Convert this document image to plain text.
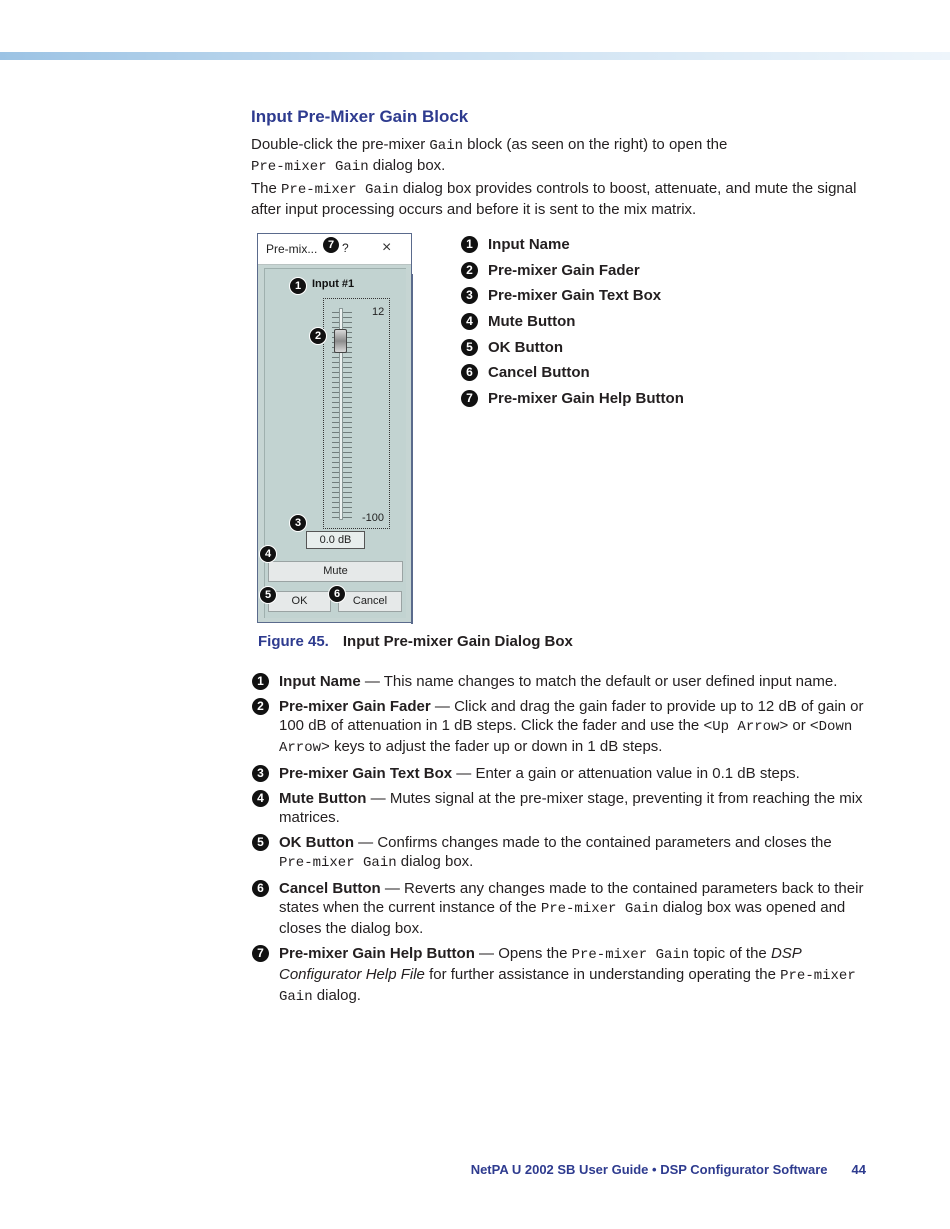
Input Pre-Mixer Gain Block

Double-click the pre-mixer Gain block (as seen on the right) to open the
Pre-mixer Gain dialog box.

The Pre-mixer Gain dialog box provides controls to boost, attenuate, and mute the signal after input processing occurs and before it is sent to the mix matrix.

Pre-mix... ? ×
Input #1
12
-100
0.0 dB
Mute
OK	Cancel
7
1
2
3
4
5	6
1	Input Name
2	Pre-mixer Gain Fader
3	Pre-mixer Gain Text Box
4	Mute Button
5	OK Button
6	Cancel Button
7	Pre-mixer Gain Help Button
Figure 45. Input Pre-mixer Gain Dialog Box
1	Input Name — This name changes to match the default or user defined input name.
2	Pre-mixer Gain Fader — Click and drag the gain fader to provide up to 12 dB of gain or 100 dB of attenuation in 1 dB steps. Click the fader and use the <Up Arrow> or <Down Arrow> keys to adjust the fader up or down in 1 dB steps.
3	Pre-mixer Gain Text Box — Enter a gain or attenuation value in 0.1 dB steps.
4	Mute Button — Mutes signal at the pre-mixer stage, preventing it from reaching the mix matrices.
5	OK Button — Confirms changes made to the contained parameters and closes the Pre-mixer Gain dialog box.
6	Cancel Button — Reverts any changes made to the contained parameters back to their states when the current instance of the Pre-mixer Gain dialog box was opened and closes the dialog box.
7	Pre-mixer Gain Help Button — Opens the Pre-mixer Gain topic of the DSP Configurator Help File for further assistance in understanding operating the Pre-mixer Gain dialog.
NetPA U 2002 SB User Guide • DSP Configurator Software 44
